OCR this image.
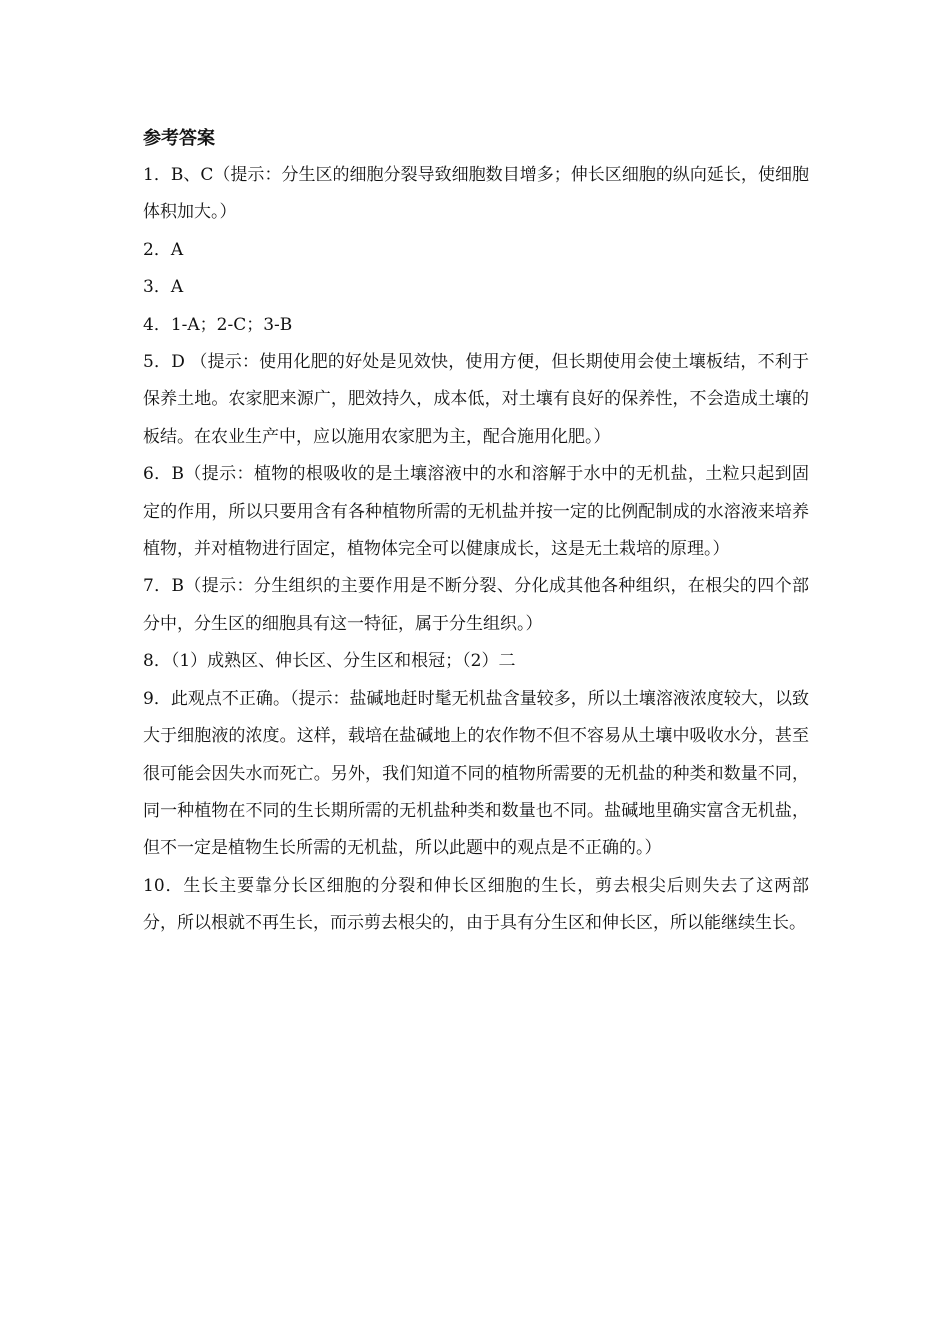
参考答案
1．B、C（提示：分生区的细胞分裂导致细胞数目增多；伸长区细胞的纵向延长，使细胞体积加大。）
2．A
3．A
4．1-A；2-C；3-B
5．D （提示：使用化肥的好处是见效快，使用方便，但长期使用会使土壤板结，不利于保养土地。农家肥来源广，肥效持久，成本低，对土壤有良好的保养性，不会造成土壤的板结。在农业生产中，应以施用农家肥为主，配合施用化肥。）
6．B（提示：植物的根吸收的是土壤溶液中的水和溶解于水中的无机盐，土粒只起到固定的作用，所以只要用含有各种植物所需的无机盐并按一定的比例配制成的水溶液来培养植物，并对植物进行固定，植物体完全可以健康成长，这是无土栽培的原理。）
7．B（提示：分生组织的主要作用是不断分裂、分化成其他各种组织，在根尖的四个部分中，分生区的细胞具有这一特征，属于分生组织。）
8．（1）成熟区、伸长区、分生区和根冠；（2）二
9．此观点不正确。（提示：盐碱地赶时髦无机盐含量较多，所以土壤溶液浓度较大，以致大于细胞液的浓度。这样，载培在盐碱地上的农作物不但不容易从土壤中吸收水分，甚至很可能会因失水而死亡。另外，我们知道不同的植物所需要的无机盐的种类和数量不同，同一种植物在不同的生长期所需的无机盐种类和数量也不同。盐碱地里确实富含无机盐，但不一定是植物生长所需的无机盐，所以此题中的观点是不正确的。）
10．生长主要靠分长区细胞的分裂和伸长区细胞的生长，剪去根尖后则失去了这两部分，所以根就不再生长，而示剪去根尖的，由于具有分生区和伸长区，所以能继续生长。
